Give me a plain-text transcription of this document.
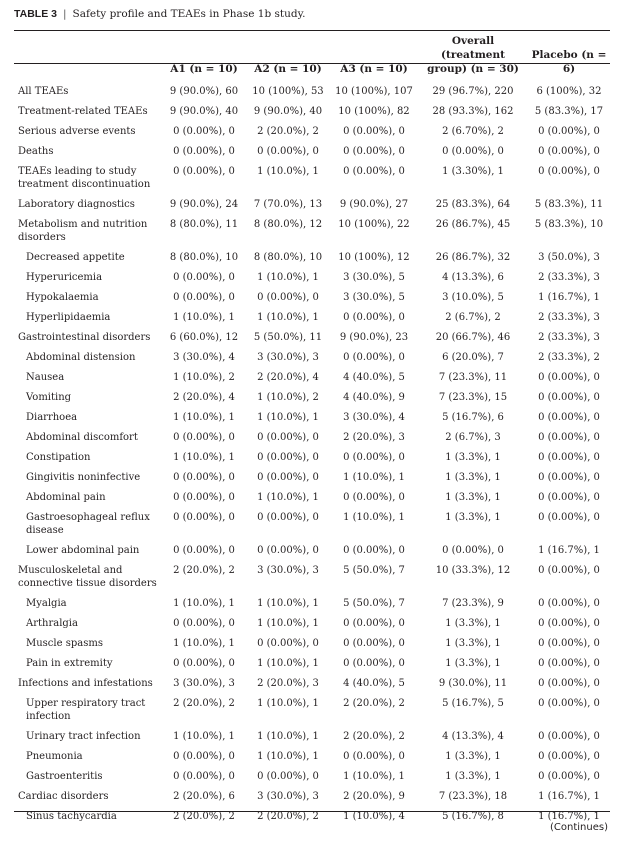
TABLE 3 | Safety profile and TEAEs in Phase 1b study.
	A1 (n = 10)	A2 (n = 10)	A3 (n = 10)	Overall (treatment group) (n = 30)	Placebo (n = 6)
All TEAEs	9 (90.0%), 60	10 (100%), 53	10 (100%), 107	29 (96.7%), 220	6 (100%), 32
Treatment-related TEAEs	9 (90.0%), 40	9 (90.0%), 40	10 (100%), 82	28 (93.3%), 162	5 (83.3%), 17
Serious adverse events	0 (0.00%), 0	2 (20.0%), 2	0 (0.00%), 0	2 (6.70%), 2	0 (0.00%), 0
Deaths	0 (0.00%), 0	0 (0.00%), 0	0 (0.00%), 0	0 (0.00%), 0	0 (0.00%), 0
TEAEs leading to study treatment discontinuation	0 (0.00%), 0	1 (10.0%), 1	0 (0.00%), 0	1 (3.30%), 1	0 (0.00%), 0
Laboratory diagnostics	9 (90.0%), 24	7 (70.0%), 13	9 (90.0%), 27	25 (83.3%), 64	5 (83.3%), 11
Metabolism and nutrition disorders	8 (80.0%), 11	8 (80.0%), 12	10 (100%), 22	26 (86.7%), 45	5 (83.3%), 10
Decreased appetite	8 (80.0%), 10	8 (80.0%), 10	10 (100%), 12	26 (86.7%), 32	3 (50.0%), 3
Hyperuricemia	0 (0.00%), 0	1 (10.0%), 1	3 (30.0%), 5	4 (13.3%), 6	2 (33.3%), 3
Hypokalaemia	0 (0.00%), 0	0 (0.00%), 0	3 (30.0%), 5	3 (10.0%), 5	1 (16.7%), 1
Hyperlipidaemia	1 (10.0%), 1	1 (10.0%), 1	0 (0.00%), 0	2 (6.7%), 2	2 (33.3%), 3
Gastrointestinal disorders	6 (60.0%), 12	5 (50.0%), 11	9 (90.0%), 23	20 (66.7%), 46	2 (33.3%), 3
Abdominal distension	3 (30.0%), 4	3 (30.0%), 3	0 (0.00%), 0	6 (20.0%), 7	2 (33.3%), 2
Nausea	1 (10.0%), 2	2 (20.0%), 4	4 (40.0%), 5	7 (23.3%), 11	0 (0.00%), 0
Vomiting	2 (20.0%), 4	1 (10.0%), 2	4 (40.0%), 9	7 (23.3%), 15	0 (0.00%), 0
Diarrhoea	1 (10.0%), 1	1 (10.0%), 1	3 (30.0%), 4	5 (16.7%), 6	0 (0.00%), 0
Abdominal discomfort	0 (0.00%), 0	0 (0.00%), 0	2 (20.0%), 3	2 (6.7%), 3	0 (0.00%), 0
Constipation	1 (10.0%), 1	0 (0.00%), 0	0 (0.00%), 0	1 (3.3%), 1	0 (0.00%), 0
Gingivitis noninfective	0 (0.00%), 0	0 (0.00%), 0	1 (10.0%), 1	1 (3.3%), 1	0 (0.00%), 0
Abdominal pain	0 (0.00%), 0	1 (10.0%), 1	0 (0.00%), 0	1 (3.3%), 1	0 (0.00%), 0
Gastroesophageal reflux disease	0 (0.00%), 0	0 (0.00%), 0	1 (10.0%), 1	1 (3.3%), 1	0 (0.00%), 0
Lower abdominal pain	0 (0.00%), 0	0 (0.00%), 0	0 (0.00%), 0	0 (0.00%), 0	1 (16.7%), 1
Musculoskeletal and connective tissue disorders	2 (20.0%), 2	3 (30.0%), 3	5 (50.0%), 7	10 (33.3%), 12	0 (0.00%), 0
Myalgia	1 (10.0%), 1	1 (10.0%), 1	5 (50.0%), 7	7 (23.3%), 9	0 (0.00%), 0
Arthralgia	0 (0.00%), 0	1 (10.0%), 1	0 (0.00%), 0	1 (3.3%), 1	0 (0.00%), 0
Muscle spasms	1 (10.0%), 1	0 (0.00%), 0	0 (0.00%), 0	1 (3.3%), 1	0 (0.00%), 0
Pain in extremity	0 (0.00%), 0	1 (10.0%), 1	0 (0.00%), 0	1 (3.3%), 1	0 (0.00%), 0
Infections and infestations	3 (30.0%), 3	2 (20.0%), 3	4 (40.0%), 5	9 (30.0%), 11	0 (0.00%), 0
Upper respiratory tract infection	2 (20.0%), 2	1 (10.0%), 1	2 (20.0%), 2	5 (16.7%), 5	0 (0.00%), 0
Urinary tract infection	1 (10.0%), 1	1 (10.0%), 1	2 (20.0%), 2	4 (13.3%), 4	0 (0.00%), 0
Pneumonia	0 (0.00%), 0	1 (10.0%), 1	0 (0.00%), 0	1 (3.3%), 1	0 (0.00%), 0
Gastroenteritis	0 (0.00%), 0	0 (0.00%), 0	1 (10.0%), 1	1 (3.3%), 1	0 (0.00%), 0
Cardiac disorders	2 (20.0%), 6	3 (30.0%), 3	2 (20.0%), 9	7 (23.3%), 18	1 (16.7%), 1
Sinus tachycardia	2 (20.0%), 2	2 (20.0%), 2	1 (10.0%), 4	5 (16.7%), 8	1 (16.7%), 1
(Continues)
